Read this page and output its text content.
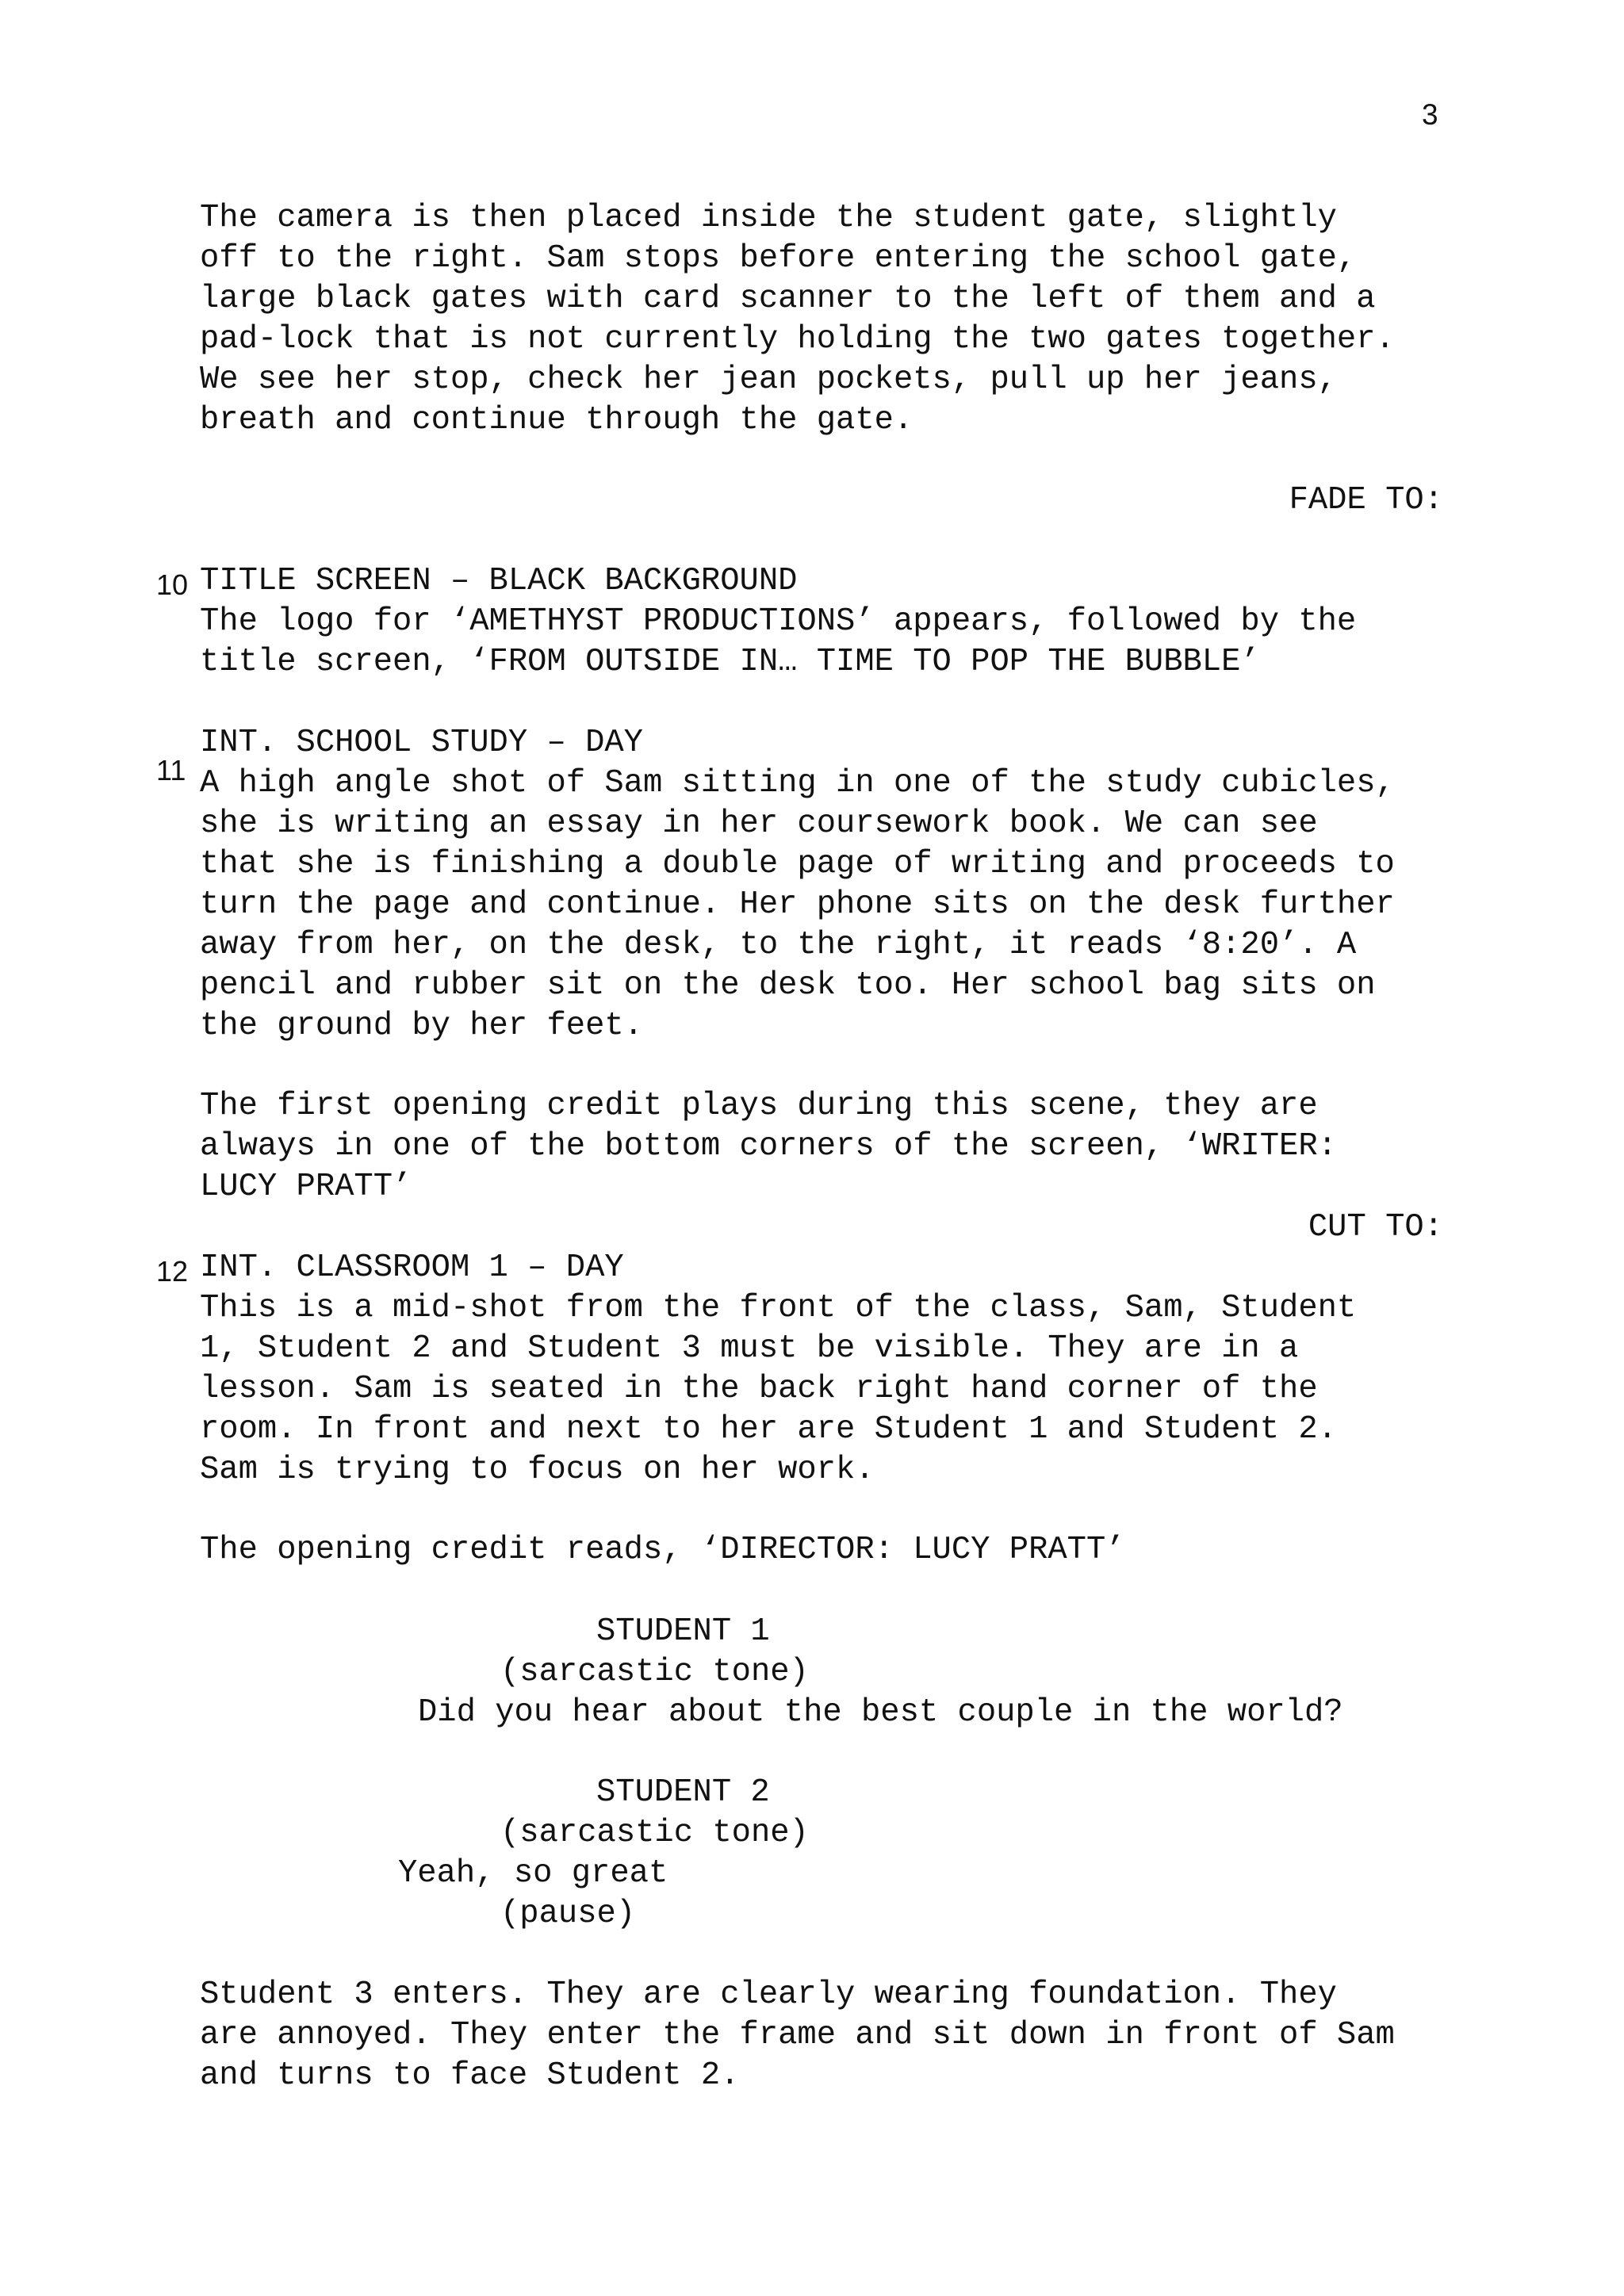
3
The camera is then placed inside the student gate, slightly
off to the right. Sam stops before entering the school gate,
large black gates with card scanner to the left of them and a
pad-lock that is not currently holding the two gates together.
We see her stop, check her jean pockets, pull up her jeans,
breath and continue through the gate.
FADE TO:
10 TITLE SCREEN – BLACK BACKGROUND
The logo for ‘AMETHYST PRODUCTIONS’ appears, followed by the
title screen, ‘FROM OUTSIDE IN… TIME TO POP THE BUBBLE’
INT. SCHOOL STUDY – DAY
11 A high angle shot of Sam sitting in one of the study cubicles,
she is writing an essay in her coursework book. We can see
that she is finishing a double page of writing and proceeds to
turn the page and continue. Her phone sits on the desk further
away from her, on the desk, to the right, it reads ‘8:20’. A
pencil and rubber sit on the desk too. Her school bag sits on
the ground by her feet.
The first opening credit plays during this scene, they are
always in one of the bottom corners of the screen, ‘WRITER:
LUCY PRATT’
CUT TO:
12 INT. CLASSROOM 1 – DAY
This is a mid-shot from the front of the class, Sam, Student
1, Student 2 and Student 3 must be visible. They are in a
lesson. Sam is seated in the back right hand corner of the
room. In front and next to her are Student 1 and Student 2.
Sam is trying to focus on her work.
The opening credit reads, ‘DIRECTOR: LUCY PRATT’
STUDENT 1
(sarcastic tone)
Did you hear about the best couple in the world?
STUDENT 2
(sarcastic tone)
Yeah, so great
(pause)
Student 3 enters. They are clearly wearing foundation. They
are annoyed. They enter the frame and sit down in front of Sam
and turns to face Student 2.
